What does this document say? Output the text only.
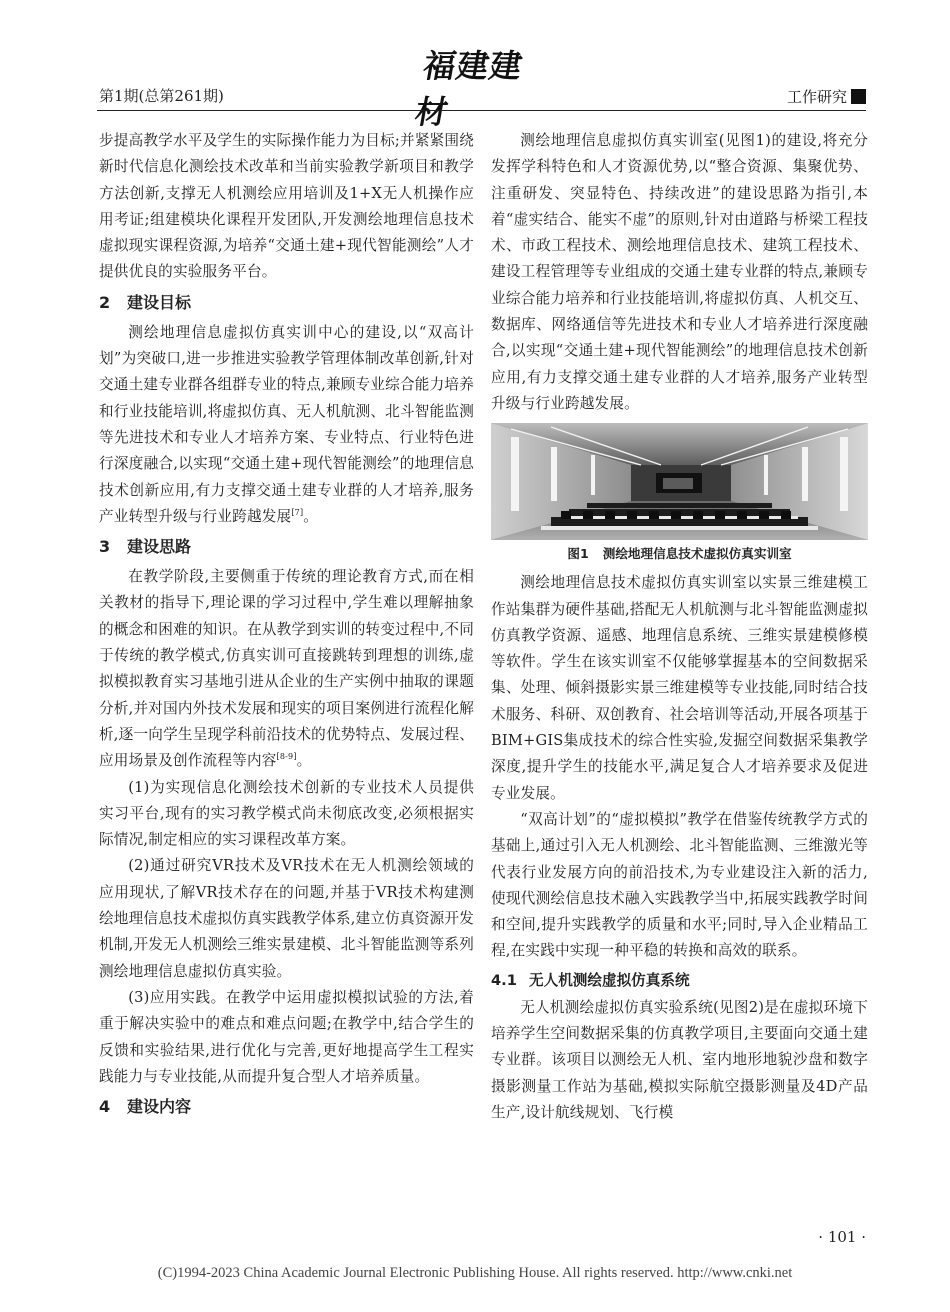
第1期(总第261期)
福建建材	工作研究

步提高教学水平及学生的实际操作能力为目标;并紧紧围绕新时代信息化测绘技术改革和当前实验教学新项目和教学方法创新,支撑无人机测绘应用培训及1+X无人机操作应用考证;组建模块化课程开发团队,开发测绘地理信息技术虚拟现实课程资源,为培养“交通土建+现代智能测绘”人才提供优良的实验服务平台。

2 建设目标

测绘地理信息虚拟仿真实训中心的建设,以“双高计划”为突破口,进一步推进实验教学管理体制改革创新,针对交通土建专业群各组群专业的特点,兼顾专业综合能力培养和行业技能培训,将虚拟仿真、无人机航测、北斗智能监测等先进技术和专业人才培养方案、专业特点、行业特色进行深度融合,以实现“交通土建+现代智能测绘”的地理信息技术创新应用,有力支撑交通土建专业群的人才培养,服务产业转型升级与行业跨越发展[7]。

3 建设思路

在教学阶段,主要侧重于传统的理论教育方式,而在相关教材的指导下,理论课的学习过程中,学生难以理解抽象的概念和困难的知识。在从教学到实训的转变过程中,不同于传统的教学模式,仿真实训可直接跳转到理想的训练,虚拟模拟教育实习基地引进从企业的生产实例中抽取的课题分析,并对国内外技术发展和现实的项目案例进行流程化解析,逐一向学生呈现学科前沿技术的优势特点、发展过程、应用场景及创作流程等内容[8-9]。

(1)为实现信息化测绘技术创新的专业技术人员提供实习平台,现有的实习教学模式尚未彻底改变,必须根据实际情况,制定相应的实习课程改革方案。

(2)通过研究VR技术及VR技术在无人机测绘领域的应用现状,了解VR技术存在的问题,并基于VR技术构建测绘地理信息技术虚拟仿真实践教学体系,建立仿真资源开发机制,开发无人机测绘三维实景建模、北斗智能监测等系列测绘地理信息虚拟仿真实验。

(3)应用实践。在教学中运用虚拟模拟试验的方法,着重于解决实验中的难点和难点问题;在教学中,结合学生的反馈和实验结果,进行优化与完善,更好地提高学生工程实践能力与专业技能,从而提升复合型人才培养质量。

4 建设内容

测绘地理信息虚拟仿真实训室(见图1)的建设,将充分发挥学科特色和人才资源优势,以“整合资源、集聚优势、注重研发、突显特色、持续改进”的建设思路为指引,本着“虚实结合、能实不虚”的原则,针对由道路与桥梁工程技术、市政工程技术、测绘地理信息技术、建筑工程技术、建设工程管理等专业组成的交通土建专业群的特点,兼顾专业综合能力培养和行业技能培训,将虚拟仿真、人机交互、数据库、网络通信等先进技术和专业人才培养进行深度融合,以实现“交通土建+现代智能测绘”的地理信息技术创新应用,有力支撑交通土建专业群的人才培养,服务产业转型升级与行业跨越发展。

图1 测绘地理信息技术虚拟仿真实训室

测绘地理信息技术虚拟仿真实训室以实景三维建模工作站集群为硬件基础,搭配无人机航测与北斗智能监测虚拟仿真教学资源、遥感、地理信息系统、三维实景建模修模等软件。学生在该实训室不仅能够掌握基本的空间数据采集、处理、倾斜摄影实景三维建模等专业技能,同时结合技术服务、科研、双创教育、社会培训等活动,开展各项基于BIM+GIS集成技术的综合性实验,发掘空间数据采集教学深度,提升学生的技能水平,满足复合人才培养要求及促进专业发展。

“双高计划”的“虚拟模拟”教学在借鉴传统教学方式的基础上,通过引入无人机测绘、北斗智能监测、三维激光等代表行业发展方向的前沿技术,为专业建设注入新的活力,使现代测绘信息技术融入实践教学当中,拓展实践教学时间和空间,提升实践教学的质量和水平;同时,导入企业精品工程,在实践中实现一种平稳的转换和高效的联系。

4.1 无人机测绘虚拟仿真系统

无人机测绘虚拟仿真实验系统(见图2)是在虚拟环境下培养学生空间数据采集的仿真教学项目,主要面向交通土建专业群。该项目以测绘无人机、室内地形地貌沙盘和数字摄影测量工作站为基础,模拟实际航空摄影测量及4D产品生产,设计航线规划、飞行模

· 101 ·
(C)1994-2023 China Academic Journal Electronic Publishing House. All rights reserved. http://www.cnki.net
